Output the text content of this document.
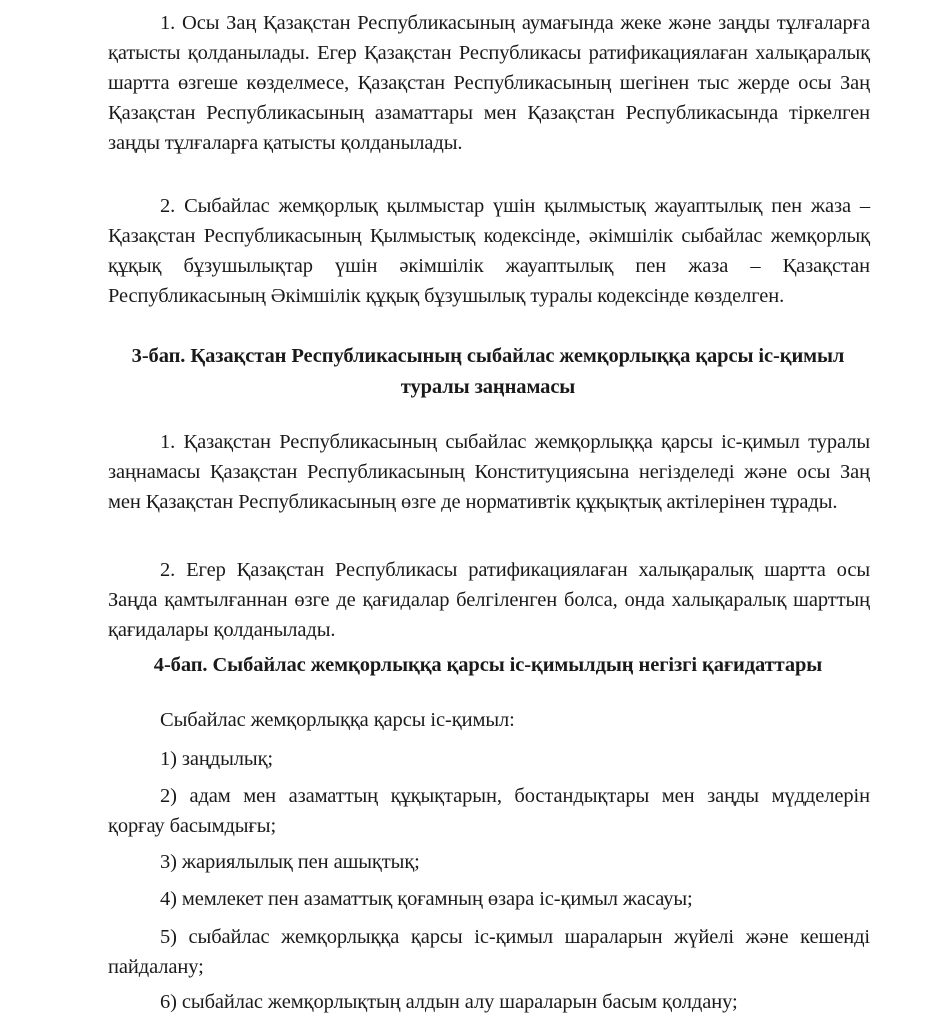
1. Осы Заң Қазақстан Республикасының аумағында жеке және заңды тұлғаларға қатысты қолданылады. Егер Қазақстан Республикасы ратификациялаған халықаралық шартта өзгеше көзделмесе, Қазақстан Республикасының шегінен тыс жерде осы Заң Қазақстан Республикасының азаматтары мен Қазақстан Республикасында тіркелген заңды тұлғаларға қатысты қолданылады.

2. Сыбайлас жемқорлық қылмыстар үшін қылмыстық жауаптылық пен жаза – Қазақстан Республикасының Қылмыстық кодексінде, әкімшілік сыбайлас жемқорлық құқық бұзушылықтар үшін әкімшілік жауаптылық пен жаза – Қазақстан Республикасының Әкімшілік құқық бұзушылық туралы кодексінде көзделген.

3-бап. Қазақстан Республикасының сыбайлас жемқорлыққа қарсы іс-қимыл туралы заңнамасы

1. Қазақстан Республикасының сыбайлас жемқорлыққа қарсы іс-қимыл туралы заңнамасы Қазақстан Республикасының Конституциясына негізделеді және осы Заң мен Қазақстан Республикасының өзге де нормативтік құқықтық актілерінен тұрады.

2. Егер Қазақстан Республикасы ратификациялаған халықаралық шартта осы Заңда қамтылғаннан өзге де қағидалар белгіленген болса, онда халықаралық шарттың қағидалары қолданылады.

4-бап. Сыбайлас жемқорлыққа қарсы іс-қимылдың негізгі қағидаттары

Сыбайлас жемқорлыққа қарсы іс-қимыл:

1) заңдылық;

2) адам мен азаматтың құқықтарын, бостандықтары мен заңды мүдделерін қорғау басымдығы;

3) жариялылық пен ашықтық;

4) мемлекет пен азаматтық қоғамның өзара іс-қимыл жасауы;

5) сыбайлас жемқорлыққа қарсы іс-қимыл шараларын жүйелі және кешенді пайдалану;

6) сыбайлас жемқорлықтың алдын алу шараларын басым қолдану;
